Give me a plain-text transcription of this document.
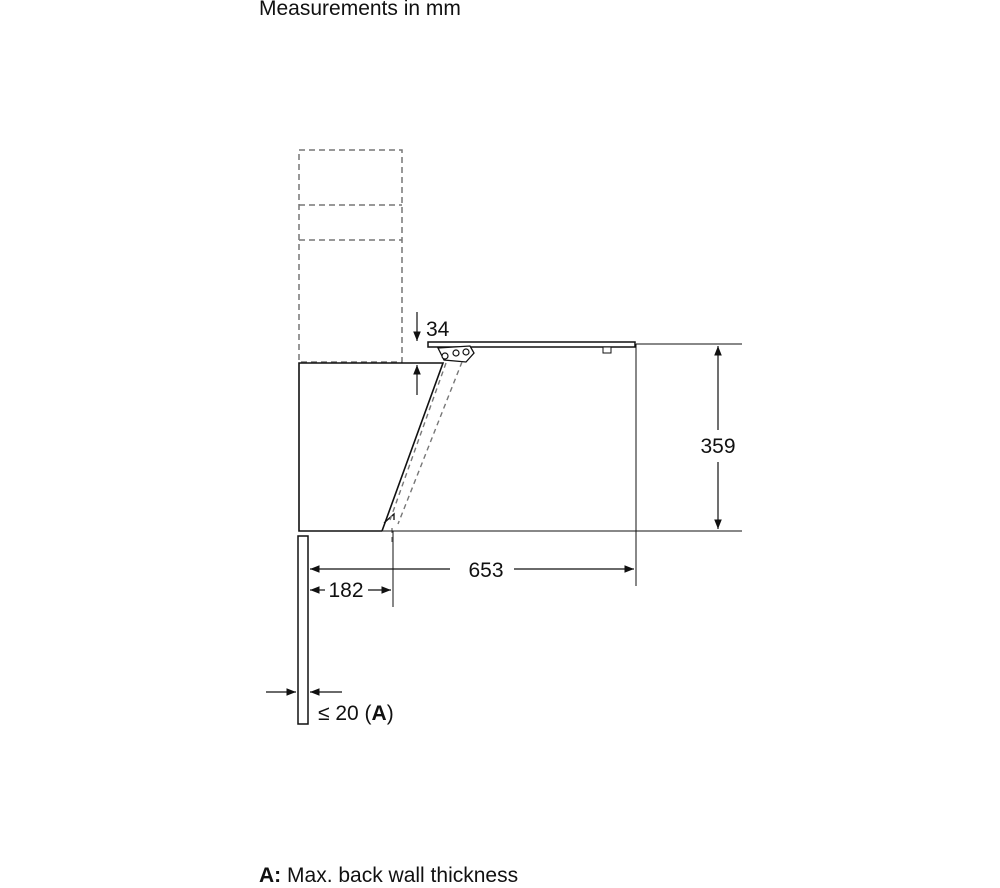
Measurements in mm
359
34
653
182
≤ 20 (A)
A: Max. back wall thickness
